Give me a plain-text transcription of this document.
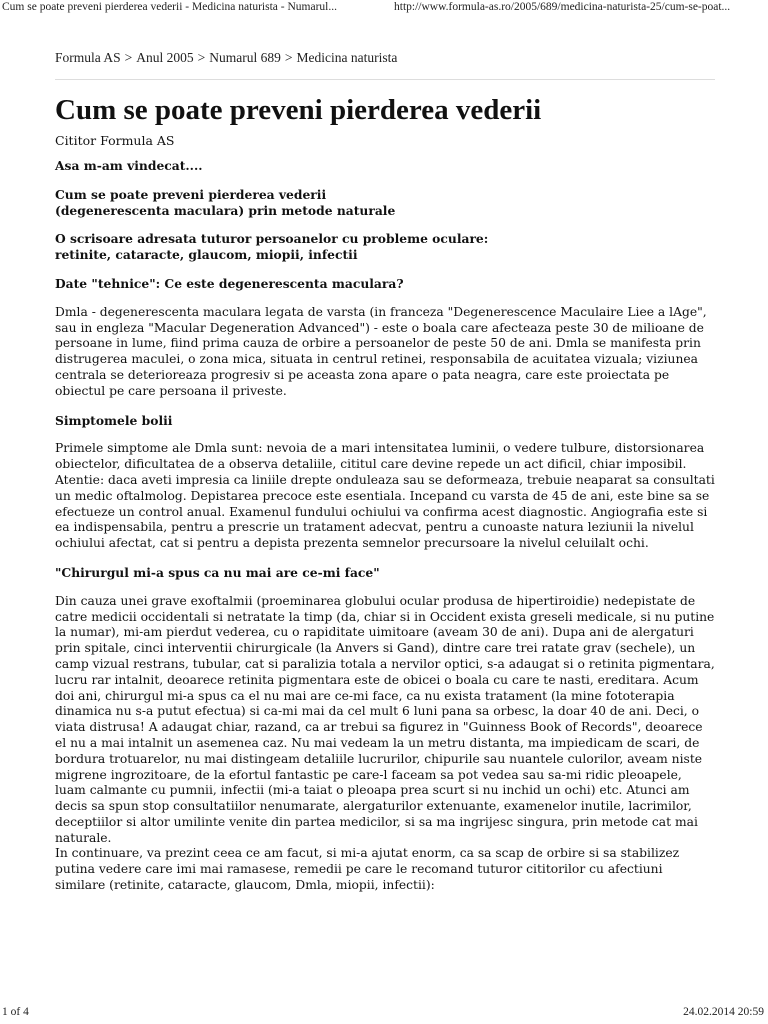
Cum se poate preveni pierderea vederii - Medicina naturista - Numarul...	http://www.formula-as.ro/2005/689/medicina-naturista-25/cum-se-poat...
Formula AS > Anul 2005 > Numarul 689 > Medicina naturista
Cum se poate preveni pierderea vederii
Cititor Formula AS

Asa m-am vindecat....

Cum se poate preveni pierderea vederii

(degenerescenta maculara) prin metode naturale

O scrisoare adresata tuturor persoanelor cu probleme oculare:

retinite, cataracte, glaucom, miopii, infectii

Date "tehnice": Ce este degenerescenta maculara?

Dmla - degenerescenta maculara legata de varsta (in franceza "Degenerescence Maculaire Liee a lAge", sau in engleza "Macular Degeneration Advanced") - este o boala care afecteaza peste 30 de milioane de persoane in lume, fiind prima cauza de orbire a persoanelor de peste 50 de ani. Dmla se manifesta prin distrugerea maculei, o zona mica, situata in centrul retinei, responsabila de acuitatea vizuala; viziunea centrala se deterioreaza progresiv si pe aceasta zona apare o pata neagra, care este proiectata pe obiectul pe care persoana il priveste.

Simptomele bolii

Primele simptome ale Dmla sunt: nevoia de a mari intensitatea luminii, o vedere tulbure, distorsionarea obiectelor, dificultatea de a observa detaliile, cititul care devine repede un act dificil, chiar imposibil. Atentie: daca aveti impresia ca liniile drepte onduleaza sau se deformeaza, trebuie neaparat sa consultati un medic oftalmolog. Depistarea precoce este esentiala. Incepand cu varsta de 45 de ani, este bine sa se efectueze un control anual. Examenul fundului ochiului va confirma acest diagnostic. Angiografia este si ea indispensabila, pentru a prescrie un tratament adecvat, pentru a cunoaste natura leziunii la nivelul ochiului afectat, cat si pentru a depista prezenta semnelor precursoare la nivelul celuilalt ochi.

"Chirurgul mi-a spus ca nu mai are ce-mi face"

Din cauza unei grave exoftalmii (proeminarea globului ocular produsa de hipertiroidie) nedepistate de catre medicii occidentali si netratate la timp (da, chiar si in Occident exista greseli medicale, si nu putine la numar), mi-am pierdut vederea, cu o rapiditate uimitoare (aveam 30 de ani). Dupa ani de alergaturi prin spitale, cinci interventii chirurgicale (la Anvers si Gand), dintre care trei ratate grav (sechele), un camp vizual restrans, tubular, cat si paralizia totala a nervilor optici, s-a adaugat si o retinita pigmentara, lucru rar intalnit, deoarece retinita pigmentara este de obicei o boala cu care te nasti, ereditara. Acum doi ani, chirurgul mi-a spus ca el nu mai are ce-mi face, ca nu exista tratament (la mine fototerapia dinamica nu s-a putut efectua) si ca-mi mai da cel mult 6 luni pana sa orbesc, la doar 40 de ani. Deci, o viata distrusa! A adaugat chiar, razand, ca ar trebui sa figurez in "Guinness Book of Records", deoarece el nu a mai intalnit un asemenea caz. Nu mai vedeam la un metru distanta, ma impiedicam de scari, de bordura trotuarelor, nu mai distingeam detaliile lucrurilor, chipurile sau nuantele culorilor, aveam niste migrene ingrozitoare, de la efortul fantastic pe care-l faceam sa pot vedea sau sa-mi ridic pleoapele, luam calmante cu pumnii, infectii (mi-a taiat o pleoapa prea scurt si nu inchid un ochi) etc. Atunci am decis sa spun stop consultatiilor nenumarate, alergaturilor extenuante, examenelor inutile, lacrimilor, deceptiilor si altor umilinte venite din partea medicilor, si sa ma ingrijesc singura, prin metode cat mai naturale.

In continuare, va prezint ceea ce am facut, si mi-a ajutat enorm, ca sa scap de orbire si sa stabilizez putina vedere care imi mai ramasese, remedii pe care le recomand tuturor cititorilor cu afectiuni similare (retinite, cataracte, glaucom, Dmla, miopii, infectii):

1 of 4	24.02.2014 20:59
